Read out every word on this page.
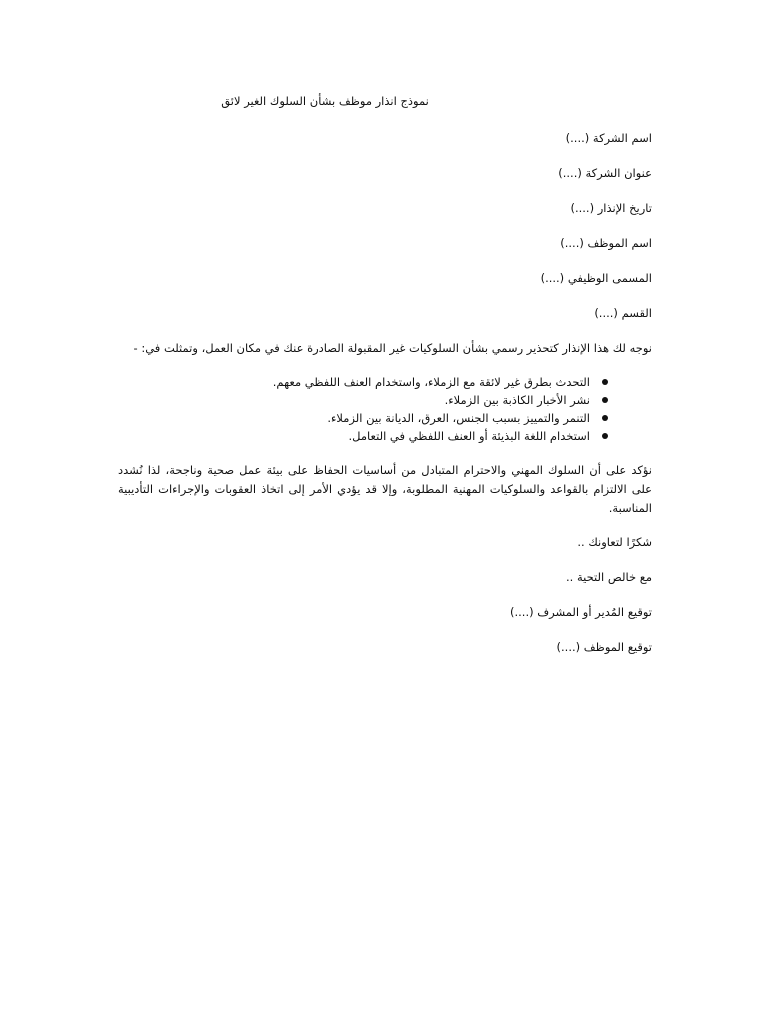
نموذج انذار موظف بشأن السلوك الغير لائق
اسم الشركة (....)
عنوان الشركة (....)
تاريخ الإنذار (....)
اسم الموظف (....)
المسمى الوظيفي (....)
القسم (....)
نوجه لك هذا الإنذار كتحذير رسمي بشأن السلوكيات غير المقبولة الصادرة عنك في مكان العمل، وتمثلت في: -
التحدث بطرق غير لائقة مع الزملاء، واستخدام العنف اللفظي معهم.
نشر الأخبار الكاذبة بين الزملاء.
التنمر والتمييز بسبب الجنس، العرق، الديانة بين الزملاء.
استخدام اللغة البذيئة أو العنف اللفظي في التعامل.
نؤكد على أن السلوك المهني والاحترام المتبادل من أساسيات الحفاظ على بيئة عمل صحية وناجحة، لذا نُشدد على الالتزام بالقواعد والسلوكيات المهنية المطلوبة، وإلا قد يؤدي الأمر إلى اتخاذ العقوبات والإجراءات التأديبية المناسبة.
شكرًا لتعاونك ..
مع خالص التحية ..
توقيع المُدير أو المشرف (....)
توقيع الموظف (....)
